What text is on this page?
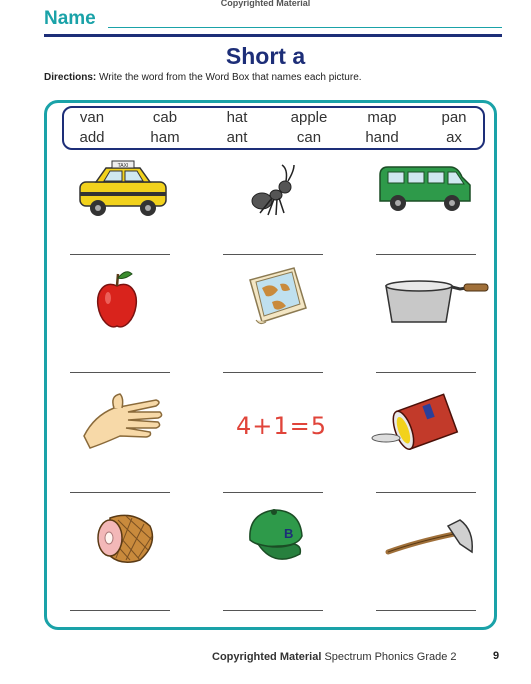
Copyrighted Material
Name
Short a
Directions: Write the word from the Word Box that names each picture.
van	cab	hat	apple	map	pan
add	ham	ant	can	hand	ax
TAXI
4+1=5
B
Copyrighted Material Spectrum Phonics Grade 2	9
